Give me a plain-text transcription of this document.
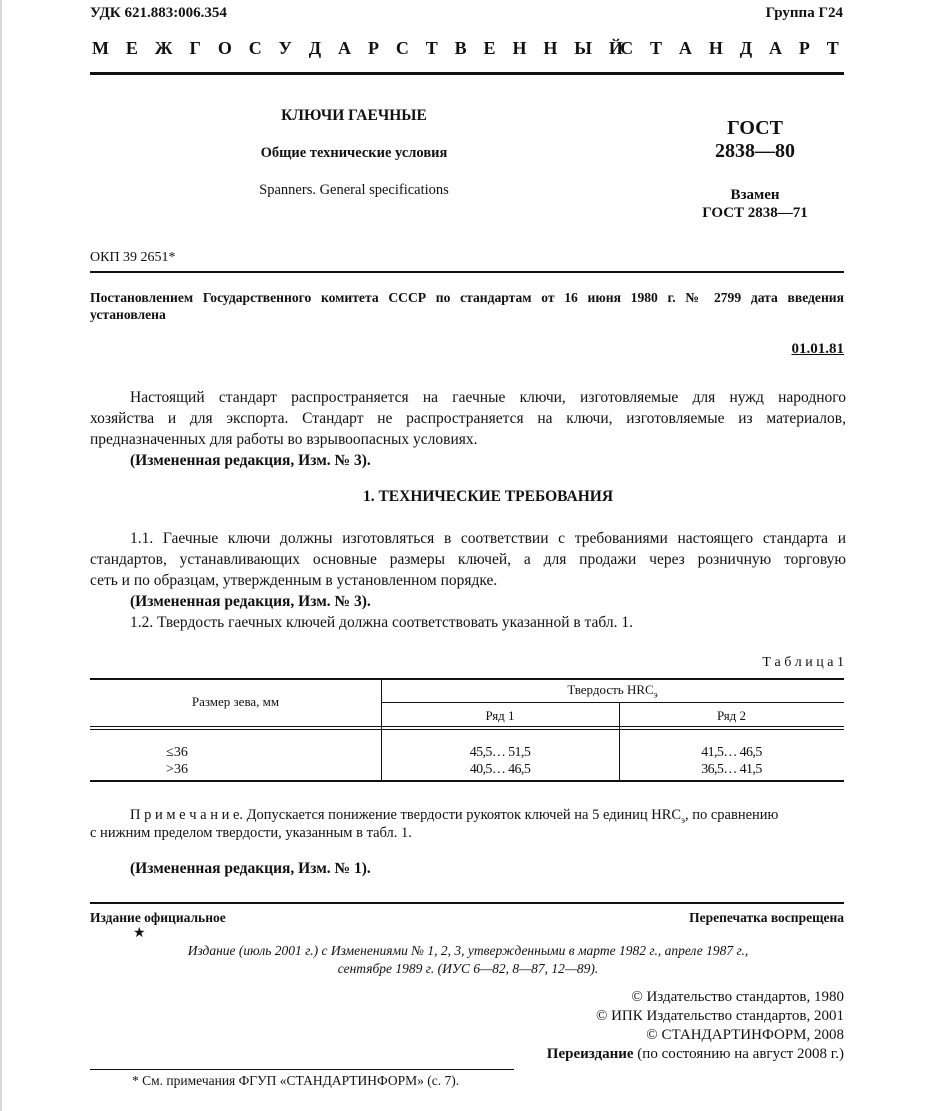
УДК 621.883:006.354	Группа Г24
М Е Ж Г О С У Д А Р С Т В Е Н Н Ы Й
С Т А Н Д А Р Т
КЛЮЧИ ГАЕЧНЫЕ
Общие технические условия
Spanners. General specifications
ГОСТ
2838—80
Взамен
ГОСТ 2838—71
ОКП 39 2651*
Постановлением Государственного комитета СССР по стандартам от 16 июня 1980 г. № 2799 дата введения
установлена
01.01.81

Настоящий стандарт распространяется на гаечные ключи, изготовляемые для нужд народного

хозяйства и для экспорта. Стандарт не распространяется на ключи, изготовляемые из материалов,

предназначенных для работы во взрывоопасных условиях.

(Измененная редакция, Изм. № 3).

1. ТЕХНИЧЕСКИЕ ТРЕБОВАНИЯ

1.1. Гаечные ключи должны изготовляться в соответствии с требованиями настоящего стандарта и

стандартов, устанавливающих основные размеры ключей, а для продажи через розничную торговую

сеть и по образцам, утвержденным в установленном порядке.

(Измененная редакция, Изм. № 3).

1.2. Твердость гаечных ключей должна соответствовать указанной в табл. 1.

Т а б л и ц а 1
Размер зева, мм
Твердость $HRC_э$
Ряд 1	Ряд 2
≤36	45,5… 51,5	41,5… 46,5
>36	40,5… 46,5	36,5… 41,5
П р и м е ч а н и е. Допускается понижение твердости рукояток ключей на 5 единиц $HRC_э$, по сравнению
с нижним пределом твердости, указанным в табл. 1.
(Измененная редакция, Изм. № 1).
Издание официальное	Перепечатка воспрещена
★
Издание (июль 2001 г.) с Изменениями № 1, 2, 3, утвержденными в марте 1982 г., апреле 1987 г.,
сентябре 1989 г. (ИУС 6—82, 8—87, 12—89).
© Издательство стандартов, 1980
© ИПК Издательство стандартов, 2001
© СТАНДАРТИНФОРМ, 2008
Переиздание (по состоянию на август 2008 г.)
* См. примечания ФГУП «СТАНДАРТИНФОРМ» (с. 7).
